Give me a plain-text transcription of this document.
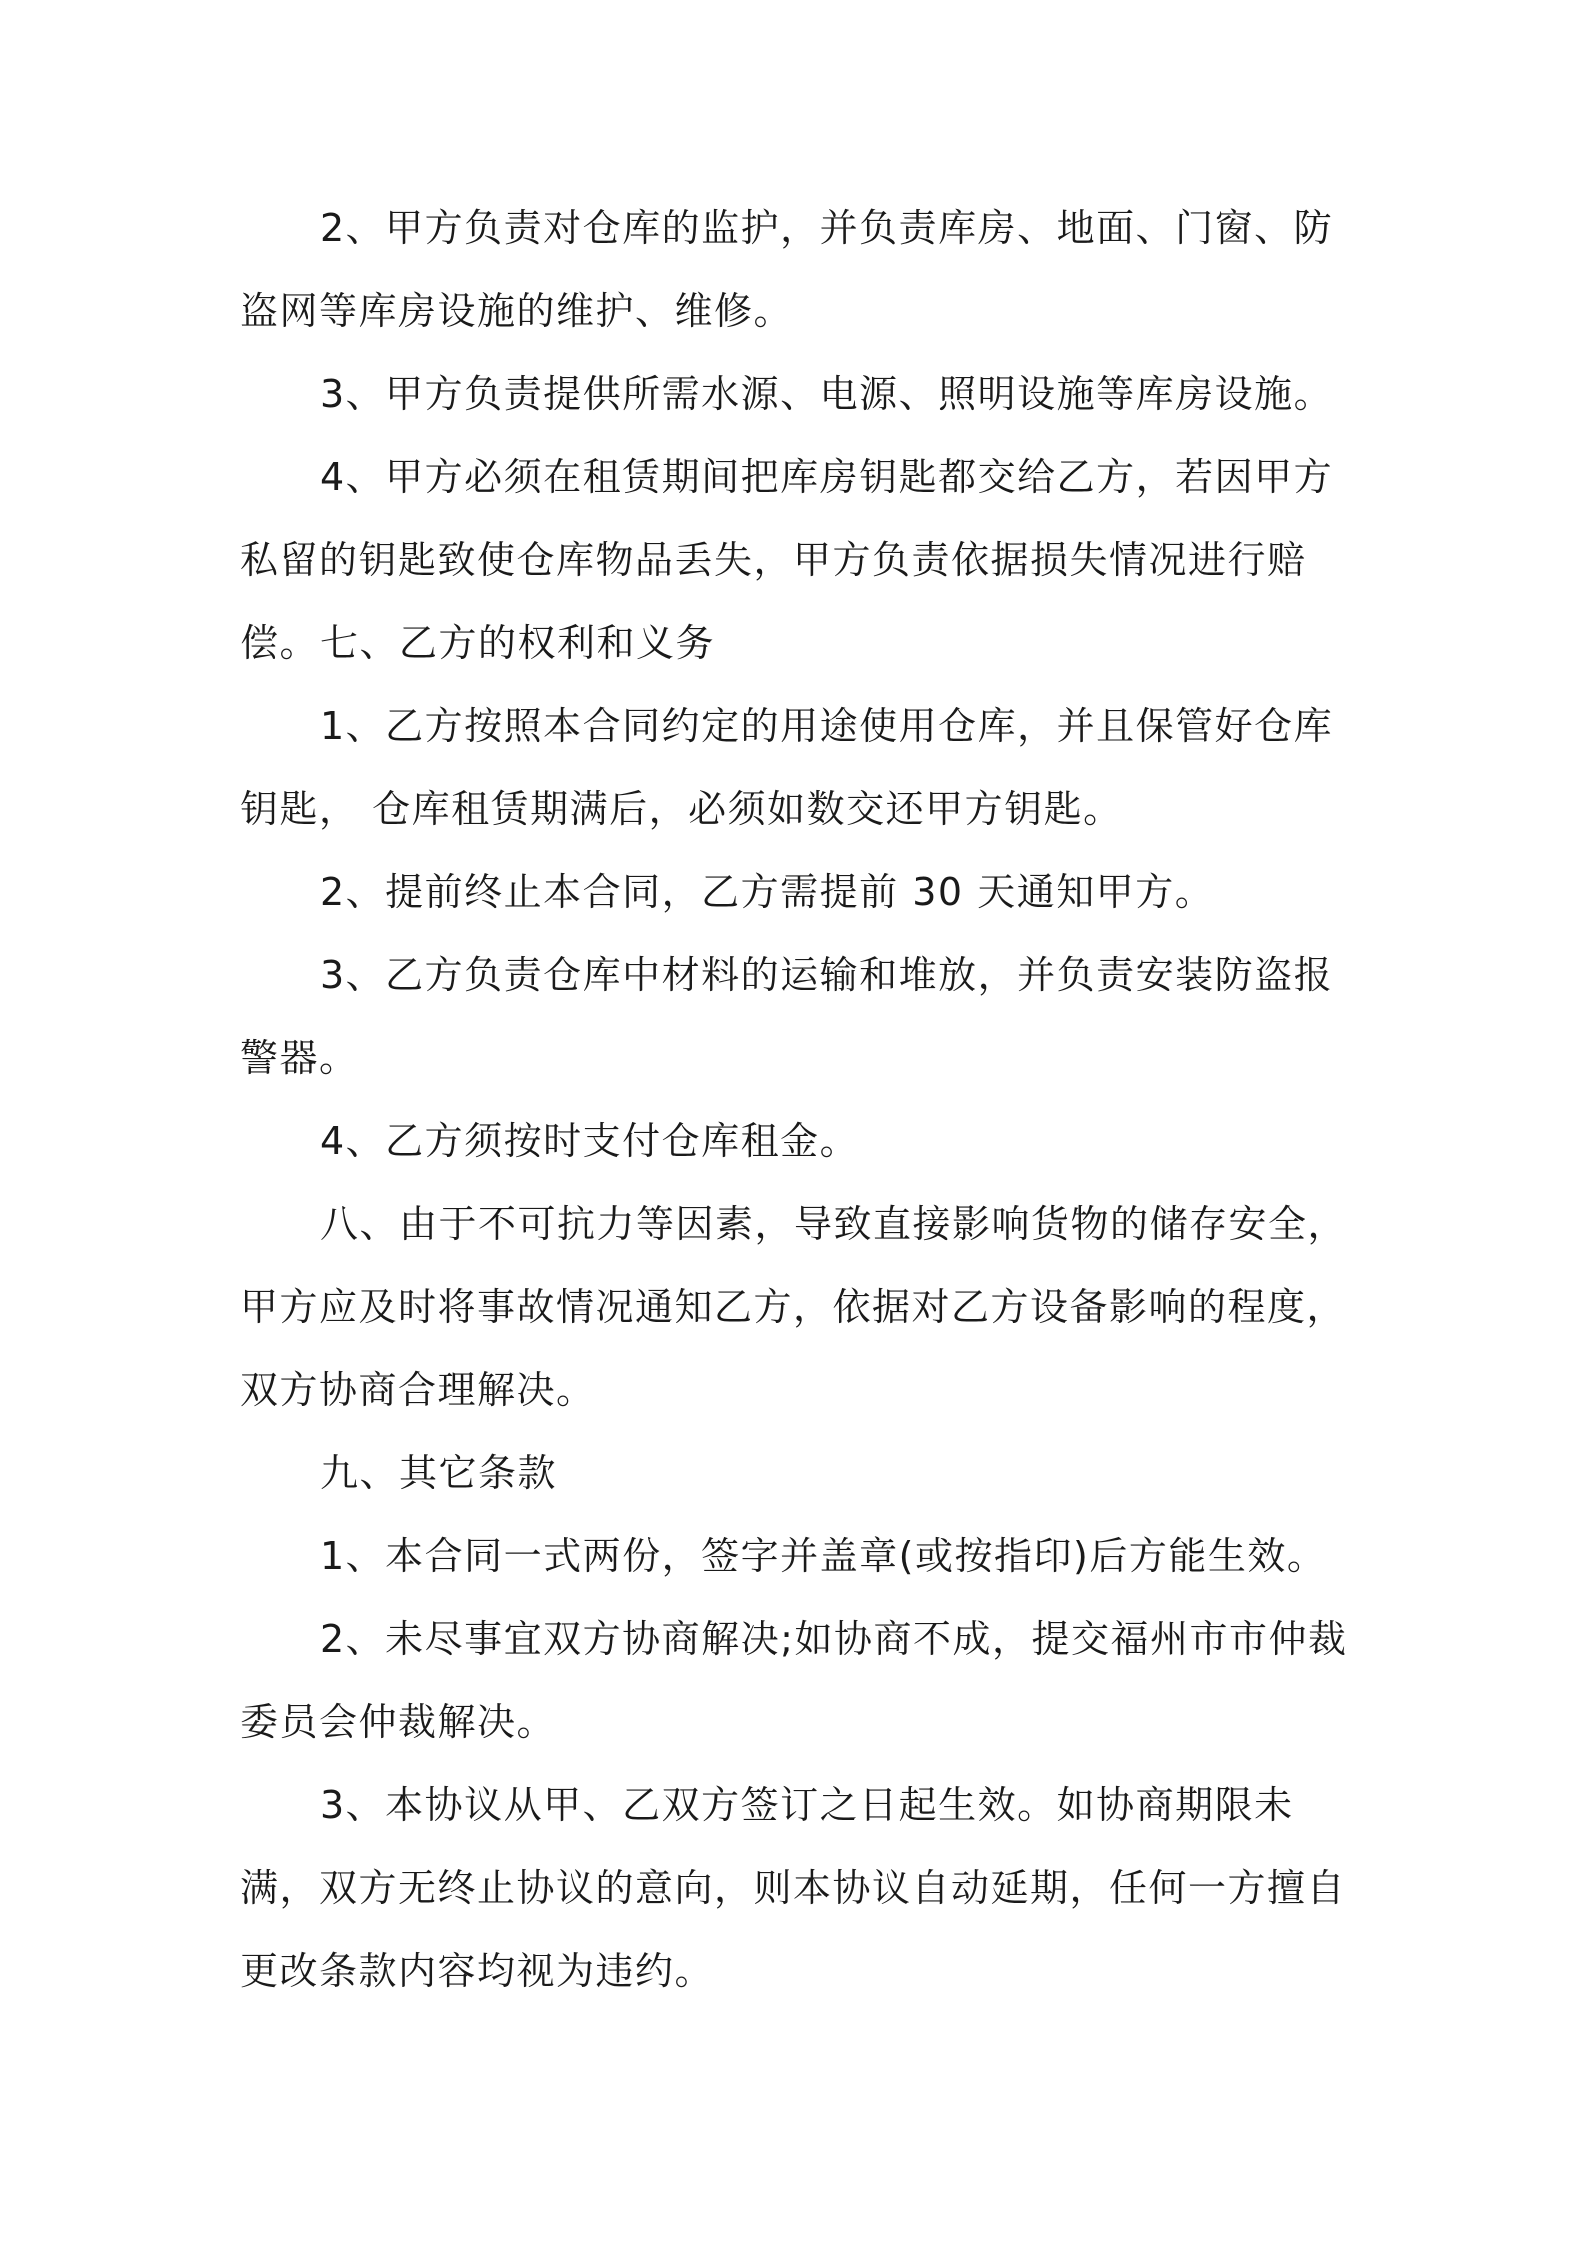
2、甲方负责对仓库的监护，并负责库房、地面、门窗、防盗网等库房设施的维护、维修。

3、甲方负责提供所需水源、电源、照明设施等库房设施。

4、甲方必须在租赁期间把库房钥匙都交给乙方，若因甲方私留的钥匙致使仓库物品丢失，甲方负责依据损失情况进行赔偿。 七、乙方的权利和义务

1、乙方按照本合同约定的用途使用仓库，并且保管好仓库钥匙， 仓库租赁期满后，必须如数交还甲方钥匙。

2、提前终止本合同，乙方需提前 30 天通知甲方。

3、乙方负责仓库中材料的运输和堆放，并负责安装防盗报警器。

4、乙方须按时支付仓库租金。

八、由于不可抗力等因素，导致直接影响货物的储存安全，甲方应及时将事故情况通知乙方，依据对乙方设备影响的程度，双方协商合理解决。

九、其它条款

1、本合同一式两份，签字并盖章(或按指印)后方能生效。

2、未尽事宜双方协商解决;如协商不成，提交福州市市仲裁委员会仲裁解决。

3、本协议从甲、乙双方签订之日起生效。如协商期限未满，双方无终止协议的意向，则本协议自动延期，任何一方擅自更改条款内容均视为违约。
